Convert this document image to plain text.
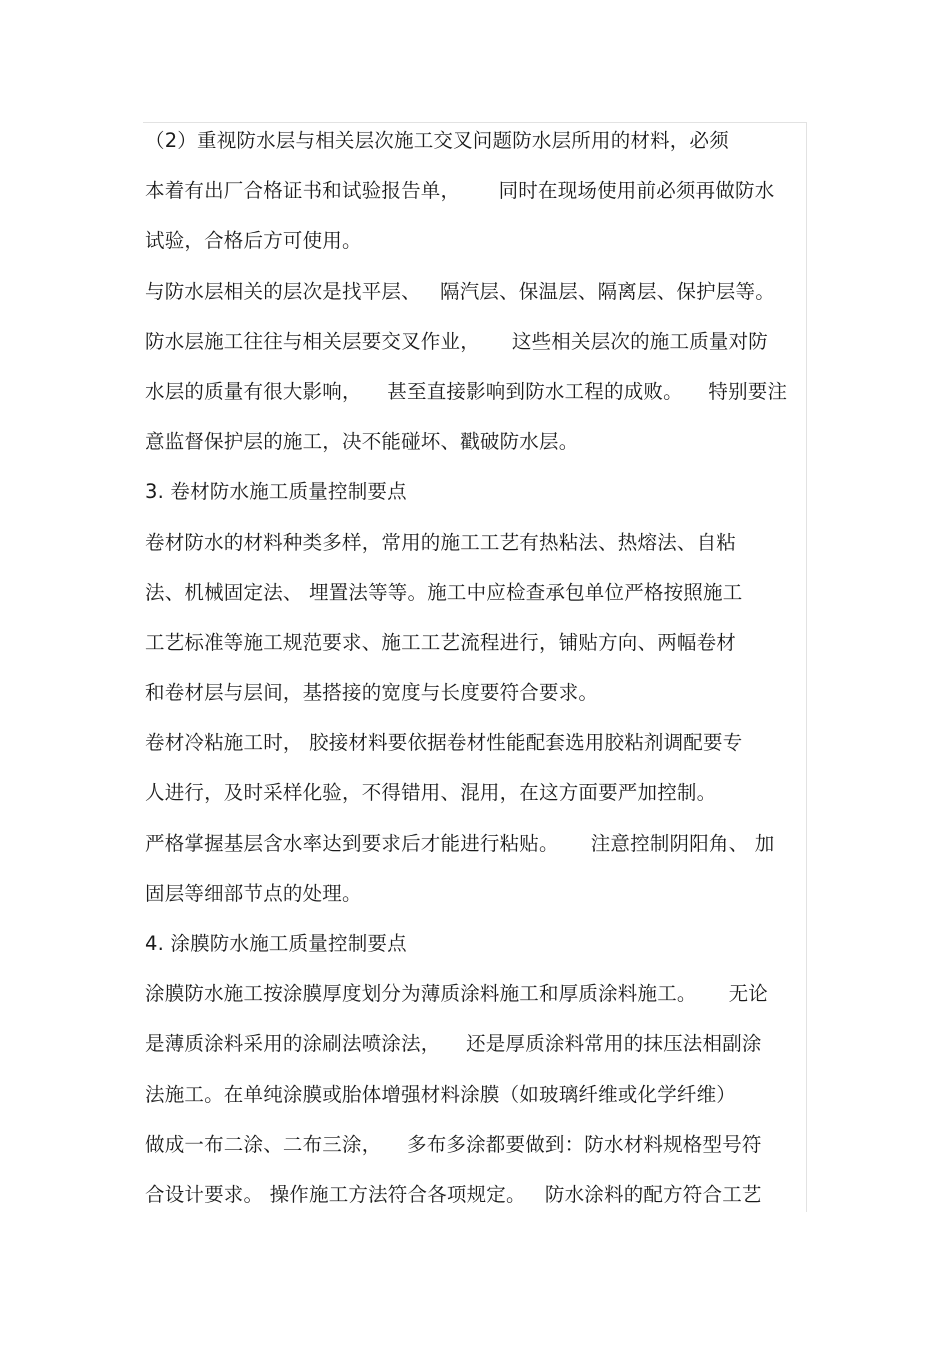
（2）重视防水层与相关层次施工交叉问题防水层所用的材料，必须
本着有出厂合格证书和试验报告单，      同时在现场使用前必须再做防水
试验，合格后方可使用。
与防水层相关的层次是找平层、   隔汽层、保温层、隔离层、保护层等。
防水层施工往往与相关层要交叉作业，     这些相关层次的施工质量对防
水层的质量有很大影响，    甚至直接影响到防水工程的成败。    特别要注
意监督保护层的施工，决不能碰坏、戳破防水层。
3. 卷材防水施工质量控制要点
卷材防水的材料种类多样，常用的施工工艺有热粘法、热熔法、自粘
法、机械固定法、 埋置法等等。施工中应检查承包单位严格按照施工
工艺标准等施工规范要求、施工工艺流程进行，铺贴方向、两幅卷材
和卷材层与层间，基搭接的宽度与长度要符合要求。
卷材冷粘施工时， 胶接材料要依据卷材性能配套选用胶粘剂调配要专
人进行，及时采样化验，不得错用、混用，在这方面要严加控制。
严格掌握基层含水率达到要求后才能进行粘贴。     注意控制阴阳角、 加
固层等细部节点的处理。
4. 涂膜防水施工质量控制要点
涂膜防水施工按涂膜厚度划分为薄质涂料施工和厚质涂料施工。     无论
是薄质涂料采用的涂刷法喷涂法，    还是厚质涂料常用的抹压法相副涂
法施工。在单纯涂膜或胎体增强材料涂膜（如玻璃纤维或化学纤维）
做成一布二涂、二布三涂，    多布多涂都要做到：防水材料规格型号符
合设计要求。 操作施工方法符合各项规定。   防水涂料的配方符合工艺
